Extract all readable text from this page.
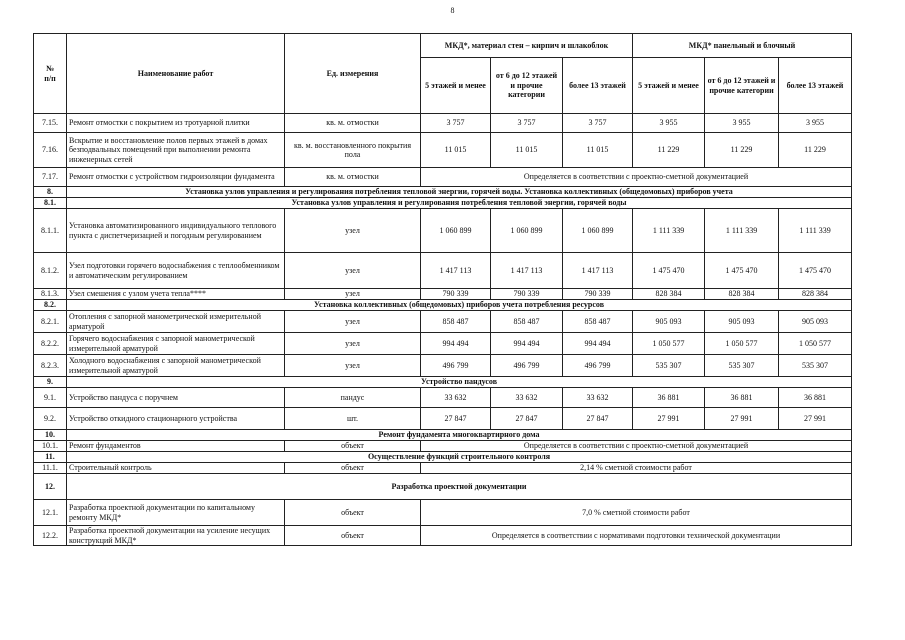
8
№
п/п	Наименование работ	Ед. измерения	МКД*, материал стен – кирпич и шлакоблок			МКД* панельный и блочный		
			5 этажей и менее	от 6 до 12 этажей и прочие категории	более 13 этажей	5 этажей и менее	от 6 до 12 этажей и прочие категории	более 13 этажей
7.15.	Ремонт отмостки с покрытием из тротуарной плитки	кв. м. отмостки	3 757	3 757	3 757	3 955	3 955	3 955
7.16.	Вскрытие и восстановление полов первых этажей в домах безподвальных помещений при выполнении ремонта инженерных сетей	кв. м. восстановленного покрытия пола	11 015	11 015	11 015	11 229	11 229	11 229
7.17.	Ремонт отмостки с устройством гидроизоляции фундамента	кв. м. отмостки	Определяется в соответствии с проектно-сметной документацией					
8.	Установка узлов управления и регулирования потребления тепловой энергии, горячей воды. Установка коллективных (общедомовых) приборов учета							
8.1.	Установка узлов управления и регулирования потребления тепловой энергии, горячей воды							
8.1.1.	Установка автоматизированного индивидуального теплового пункта с диспетчеризацией и погодным регулированием	узел	1 060 899	1 060 899	1 060 899	1 111 339	1 111 339	1 111 339
8.1.2.	Узел подготовки горячего водоснабжения с теплообменником и автоматическим регулированием	узел	1 417 113	1 417 113	1 417 113	1 475 470	1 475 470	1 475 470
8.1.3.	Узел смешения с узлом учета тепла****	узел	790 339	790 339	790 339	828 384	828 384	828 384
8.2.	Установка коллективных (общедомовых) приборов учета потребления ресурсов							
8.2.1.	Отопления с запорной манометрической измерительной арматурой	узел	858 487	858 487	858 487	905 093	905 093	905 093
8.2.2.	Горячего водоснабжения с запорной манометрической измерительной арматурой	узел	994 494	994 494	994 494	1 050 577	1 050 577	1 050 577
8.2.3.	Холодного водоснабжения с запорной манометрической измерительной арматурой	узел	496 799	496 799	496 799	535 307	535 307	535 307
9.	Устройство пандусов							
9.1.	Устройство пандуса с поручнем	пандус	33 632	33 632	33 632	36 881	36 881	36 881
9.2.	Устройство откидного стационарного устройства	шт.	27 847	27 847	27 847	27 991	27 991	27 991
10.	Ремонт фундамента многоквартирного дома							
10.1.	Ремонт фундаментов	объект	Определяется в соответствии с проектно-сметной документацией					
11.	Осуществление функций строительного контроля							
11.1.	Строительный контроль	объект	2,14 % сметной стоимости работ					
12.	Разработка проектной документации							
12.1.	Разработка проектной документации по капитальному ремонту МКД*	объект	7,0 % сметной стоимости работ					
12.2.	Разработка проектной документации на усиление несущих конструкций МКД*	объект	Определяется в соответствии с нормативами подготовки технической документации					
